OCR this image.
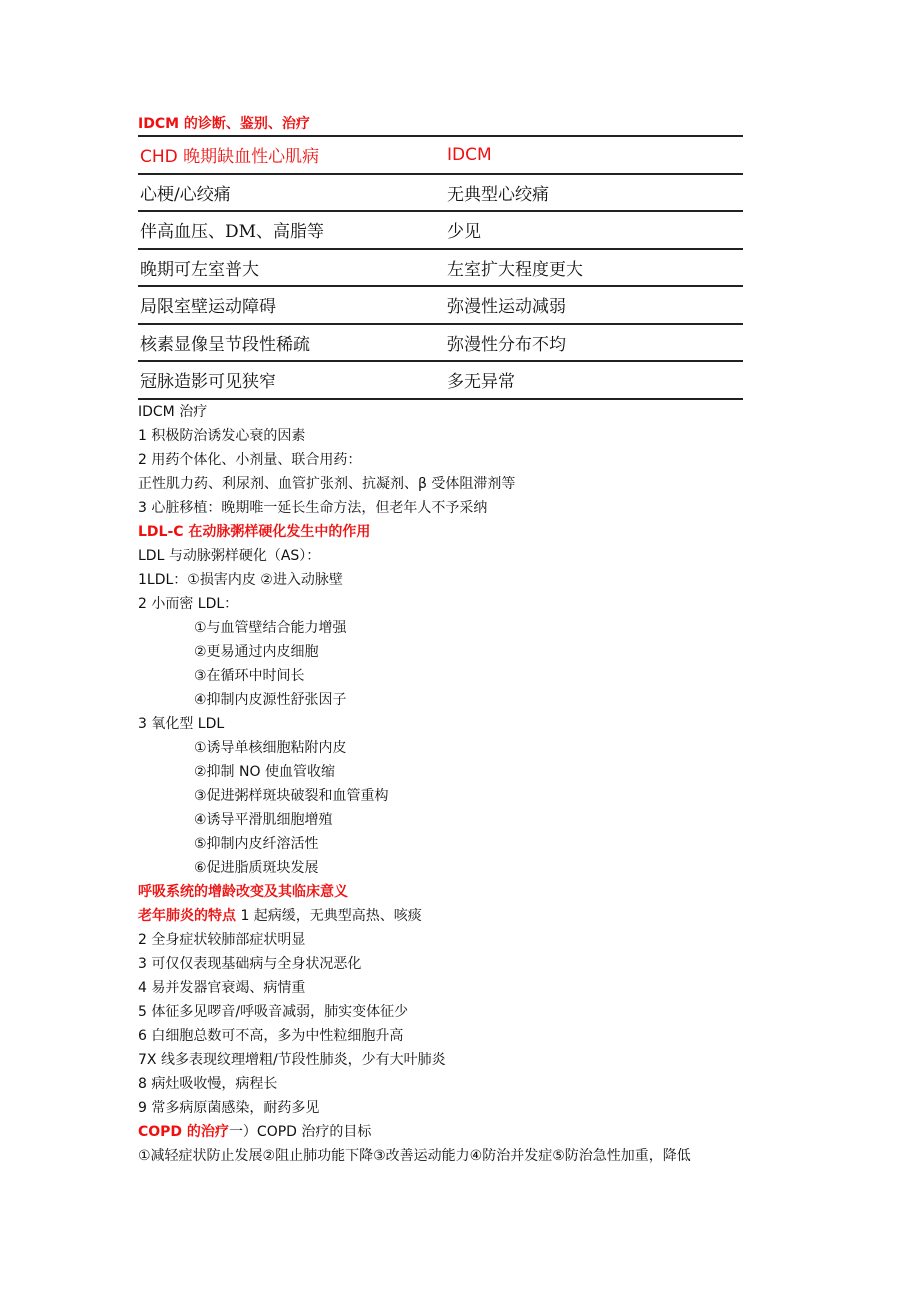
IDCM 的诊断、鉴别、治疗
CHD 晚期缺血性心肌病	IDCM
心梗/心绞痛	无典型心绞痛
伴高血压、DM、高脂等	少见
晚期可左室普大	左室扩大程度更大
局限室壁运动障碍	弥漫性运动减弱
核素显像呈节段性稀疏	弥漫性分布不均
冠脉造影可见狭窄	多无异常
IDCM 治疗
1 积极防治诱发心衰的因素
2 用药个体化、小剂量、联合用药：
正性肌力药、利尿剂、血管扩张剂、抗凝剂、β 受体阻滞剂等
3 心脏移植：晚期唯一延长生命方法，但老年人不予采纳
LDL-C 在动脉粥样硬化发生中的作用
LDL 与动脉粥样硬化（AS）：
1LDL：①损害内皮 ②进入动脉壁
2 小而密 LDL：
①与血管壁结合能力增强
②更易通过内皮细胞
③在循环中时间长
④抑制内皮源性舒张因子
3 氧化型 LDL
①诱导单核细胞粘附内皮
②抑制 NO 使血管收缩
③促进粥样斑块破裂和血管重构
④诱导平滑肌细胞增殖
⑤抑制内皮纤溶活性
⑥促进脂质斑块发展
呼吸系统的增龄改变及其临床意义
老年肺炎的特点 1 起病缓，无典型高热、咳痰
2 全身症状较肺部症状明显
3 可仅仅表现基础病与全身状况恶化
4 易并发器官衰竭、病情重
5 体征多见啰音/呼吸音减弱，肺实变体征少
6 白细胞总数可不高，多为中性粒细胞升高
7X 线多表现纹理增粗/节段性肺炎，少有大叶肺炎
8 病灶吸收慢，病程长
9 常多病原菌感染，耐药多见
COPD 的治疗一）COPD 治疗的目标
①减轻症状防止发展②阻止肺功能下降③改善运动能力④防治并发症⑤防治急性加重，降低
